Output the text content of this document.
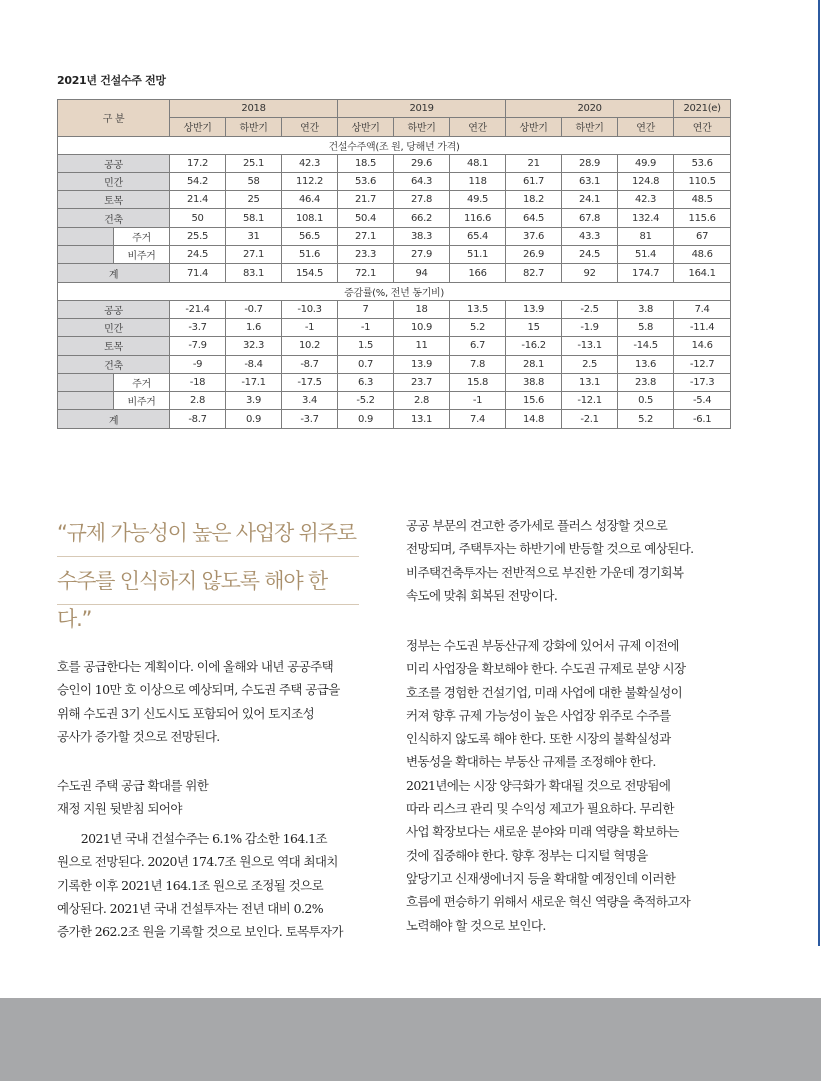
2021년 건설수주 전망
구 분		2018			2019			2020			2021(e)
		상반기	하반기	연간	상반기	하반기	연간	상반기	하반기	연간	연간
건설수주액(조 원, 당해년 가격)											
공공		17.2	25.1	42.3	18.5	29.6	48.1	21	28.9	49.9	53.6
민간		54.2	58	112.2	53.6	64.3	118	61.7	63.1	124.8	110.5
토목		21.4	25	46.4	21.7	27.8	49.5	18.2	24.1	42.3	48.5
건축		50	58.1	108.1	50.4	66.2	116.6	64.5	67.8	132.4	115.6
	주거	25.5	31	56.5	27.1	38.3	65.4	37.6	43.3	81	67
	비주거	24.5	27.1	51.6	23.3	27.9	51.1	26.9	24.5	51.4	48.6
계		71.4	83.1	154.5	72.1	94	166	82.7	92	174.7	164.1
증감률(%, 전년 동기비)											
공공		-21.4	-0.7	-10.3	7	18	13.5	13.9	-2.5	3.8	7.4
민간		-3.7	1.6	-1	-1	10.9	5.2	15	-1.9	5.8	-11.4
토목		-7.9	32.3	10.2	1.5	11	6.7	-16.2	-13.1	-14.5	14.6
건축		-9	-8.4	-8.7	0.7	13.9	7.8	28.1	2.5	13.6	-12.7
	주거	-18	-17.1	-17.5	6.3	23.7	15.8	38.8	13.1	23.8	-17.3
	비주거	2.8	3.9	3.4	-5.2	2.8	-1	15.6	-12.1	0.5	-5.4
계		-8.7	0.9	-3.7	0.9	13.1	7.4	14.8	-2.1	5.2	-6.1
“규제 가능성이 높은 사업장 위주로
수주를 인식하지 않도록 해야 한다.”

공공 부문의 견고한 증가세로 플러스 성장할 것으로

전망되며, 주택투자는 하반기에 반등할 것으로 예상된다.

비주택건축투자는 전반적으로 부진한 가운데 경기회복

속도에 맞춰 회복된 전망이다.

정부는 수도권 부동산규제 강화에 있어서 규제 이전에

미리 사업장을 확보해야 한다. 수도권 규제로 분양 시장

호조를 경험한 건설기업, 미래 사업에 대한 불확실성이

커져 향후 규제 가능성이 높은 사업장 위주로 수주를

인식하지 않도록 해야 한다. 또한 시장의 불확실성과

변동성을 확대하는 부동산 규제를 조정해야 한다.

2021년에는 시장 양극화가 확대될 것으로 전망됨에

따라 리스크 관리 및 수익성 제고가 필요하다. 무리한

사업 확장보다는 새로운 분야와 미래 역량을 확보하는

것에 집중해야 한다. 향후 정부는 디지털 혁명을

앞당기고 신재생에너지 등을 확대할 예정인데 이러한

흐름에 편승하기 위해서 새로운 혁신 역량을 축적하고자

노력해야 할 것으로 보인다.

호를 공급한다는 계획이다. 이에 올해와 내년 공공주택

승인이 10만 호 이상으로 예상되며, 수도권 주택 공급을

위해 수도권 3기 신도시도 포함되어 있어 토지조성

공사가 증가할 것으로 전망된다.

수도권 주택 공급 확대를 위한
재정 지원 뒷받침 되어야

　　2021년 국내 건설수주는 6.1% 감소한 164.1조

원으로 전망된다. 2020년 174.7조 원으로 역대 최대치

기록한 이후 2021년 164.1조 원으로 조정될 것으로

예상된다. 2021년 국내 건설투자는 전년 대비 0.2%

증가한 262.2조 원을 기록할 것으로 보인다. 토목투자가
